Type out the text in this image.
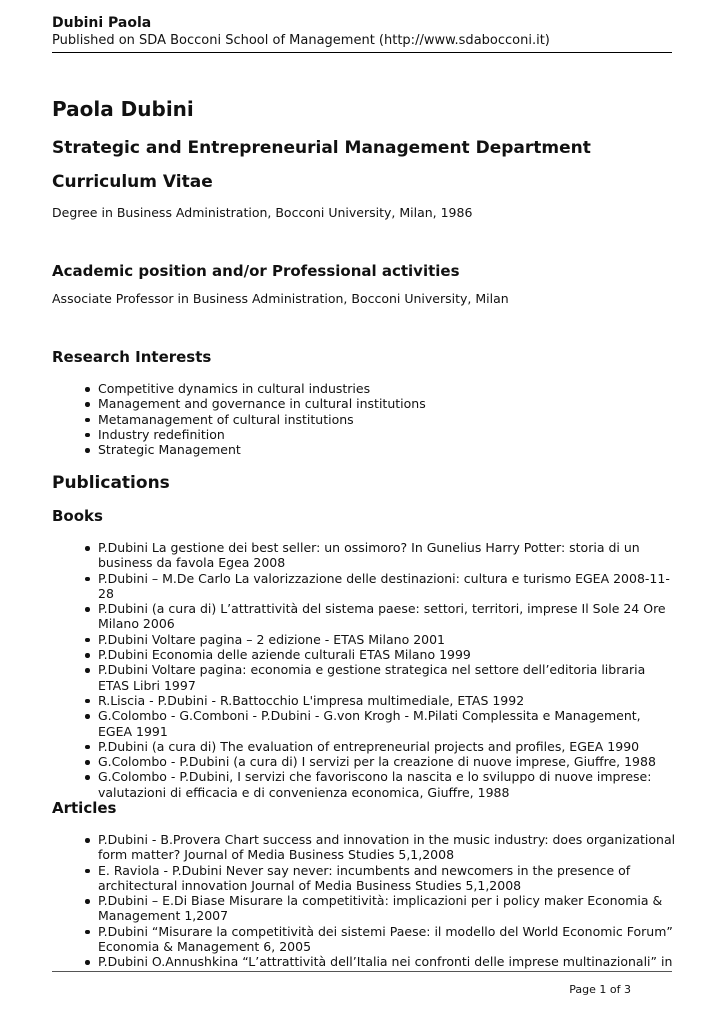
Dubini Paola
Published on SDA Bocconi School of Management (http://www.sdabocconi.it)
Paola Dubini
Strategic and Entrepreneurial Management Department
Curriculum Vitae
Degree in Business Administration, Bocconi University, Milan, 1986
Academic position and/or Professional activities
Associate Professor in Business Administration, Bocconi University, Milan
Research Interests
Competitive dynamics in cultural industries
Management and governance in cultural institutions
Metamanagement of cultural institutions
Industry redefinition
Strategic Management
Publications
Books
P.Dubini La gestione dei best seller: un ossimoro? In Gunelius Harry Potter: storia di un business da favola Egea 2008
P.Dubini – M.De Carlo La valorizzazione delle destinazioni: cultura e turismo EGEA 2008-11-28
P.Dubini (a cura di) L’attrattività del sistema paese: settori, territori, imprese Il Sole 24 Ore Milano 2006
P.Dubini Voltare pagina – 2 edizione - ETAS Milano 2001
P.Dubini Economia delle aziende culturali ETAS Milano 1999
P.Dubini Voltare pagina: economia e gestione strategica nel settore dell’editoria libraria ETAS Libri 1997
R.Liscia - P.Dubini - R.Battocchio L'impresa multimediale, ETAS 1992
G.Colombo - G.Comboni - P.Dubini - G.von Krogh - M.Pilati Complessita e Management, EGEA 1991
P.Dubini (a cura di) The evaluation of entrepreneurial projects and profiles, EGEA 1990
G.Colombo - P.Dubini (a cura di) I servizi per la creazione di nuove imprese, Giuffre, 1988
G.Colombo - P.Dubini, I servizi che favoriscono la nascita e lo sviluppo di nuove imprese: valutazioni di efficacia e di convenienza economica, Giuffre, 1988
Articles
P.Dubini - B.Provera Chart success and innovation in the music industry: does organizational form matter? Journal of Media Business Studies 5,1,2008
E. Raviola - P.Dubini Never say never: incumbents and newcomers in the presence of architectural innovation Journal of Media Business Studies 5,1,2008
P.Dubini – E.Di Biase Misurare la competitività: implicazioni per i policy maker Economia & Management 1,2007
P.Dubini “Misurare la competitività dei sistemi Paese: il modello del World Economic Forum” Economia & Management 6, 2005
P.Dubini O.Annushkina “L’attrattività dell’Italia nei confronti delle imprese multinazionali” in
Page 1 of 3
